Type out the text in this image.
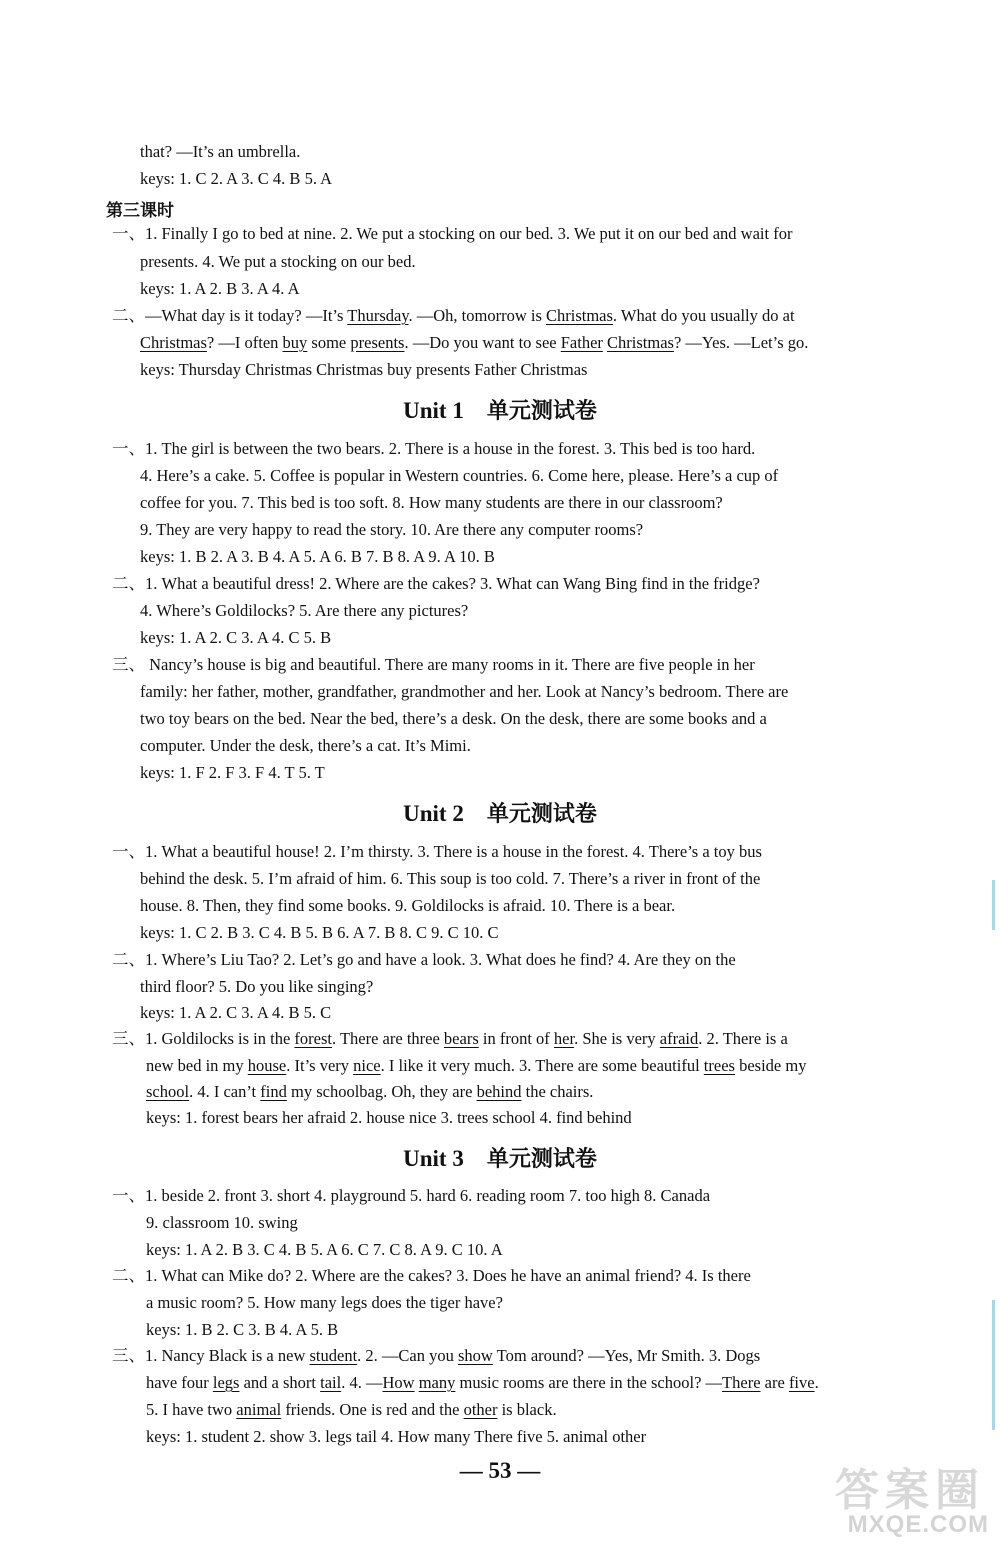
that? —It’s an umbrella.
keys: 1. C 2. A 3. C 4. B 5. A
第三课时
一、1. Finally I go to bed at nine. 2. We put a stocking on our bed. 3. We put it on our bed and wait for
presents. 4. We put a stocking on our bed.
keys: 1. A 2. B 3. A 4. A
二、—What day is it today? —It’s Thursday. —Oh, tomorrow is Christmas. What do you usually do at
Christmas? —I often buy some presents. —Do you want to see Father Christmas? —Yes. —Let’s go.
keys: Thursday Christmas Christmas buy presents Father Christmas
Unit 1 单元测试卷
一、1. The girl is between the two bears. 2. There is a house in the forest. 3. This bed is too hard.
4. Here’s a cake. 5. Coffee is popular in Western countries. 6. Come here, please. Here’s a cup of
coffee for you. 7. This bed is too soft. 8. How many students are there in our classroom?
9. They are very happy to read the story. 10. Are there any computer rooms?
keys: 1. B 2. A 3. B 4. A 5. A 6. B 7. B 8. A 9. A 10. B
二、1. What a beautiful dress! 2. Where are the cakes? 3. What can Wang Bing find in the fridge?
4. Where’s Goldilocks? 5. Are there any pictures?
keys: 1. A 2. C 3. A 4. C 5. B
三、 Nancy’s house is big and beautiful. There are many rooms in it. There are five people in her
family: her father, mother, grandfather, grandmother and her. Look at Nancy’s bedroom. There are
two toy bears on the bed. Near the bed, there’s a desk. On the desk, there are some books and a
computer. Under the desk, there’s a cat. It’s Mimi.
keys: 1. F 2. F 3. F 4. T 5. T
Unit 2 单元测试卷
一、1. What a beautiful house! 2. I’m thirsty. 3. There is a house in the forest. 4. There’s a toy bus
behind the desk. 5. I’m afraid of him. 6. This soup is too cold. 7. There’s a river in front of the
house. 8. Then, they find some books. 9. Goldilocks is afraid. 10. There is a bear.
keys: 1. C 2. B 3. C 4. B 5. B 6. A 7. B 8. C 9. C 10. C
二、1. Where’s Liu Tao? 2. Let’s go and have a look. 3. What does he find? 4. Are they on the
third floor? 5. Do you like singing?
keys: 1. A 2. C 3. A 4. B 5. C
三、1. Goldilocks is in the forest. There are three bears in front of her. She is very afraid. 2. There is a
new bed in my house. It’s very nice. I like it very much. 3. There are some beautiful trees beside my
school. 4. I can’t find my schoolbag. Oh, they are behind the chairs.
keys: 1. forest bears her afraid 2. house nice 3. trees school 4. find behind
Unit 3 单元测试卷
一、1. beside 2. front 3. short 4. playground 5. hard 6. reading room 7. too high 8. Canada
9. classroom 10. swing
keys: 1. A 2. B 3. C 4. B 5. A 6. C 7. C 8. A 9. C 10. A
二、1. What can Mike do? 2. Where are the cakes? 3. Does he have an animal friend? 4. Is there
a music room? 5. How many legs does the tiger have?
keys: 1. B 2. C 3. B 4. A 5. B
三、1. Nancy Black is a new student. 2. —Can you show Tom around? —Yes, Mr Smith. 3. Dogs
have four legs and a short tail. 4. —How many music rooms are there in the school? —There are five.
5. I have two animal friends. One is red and the other is black.
keys: 1. student 2. show 3. legs tail 4. How many There five 5. animal other
— 53 —	答案圈
MXQE.COM
